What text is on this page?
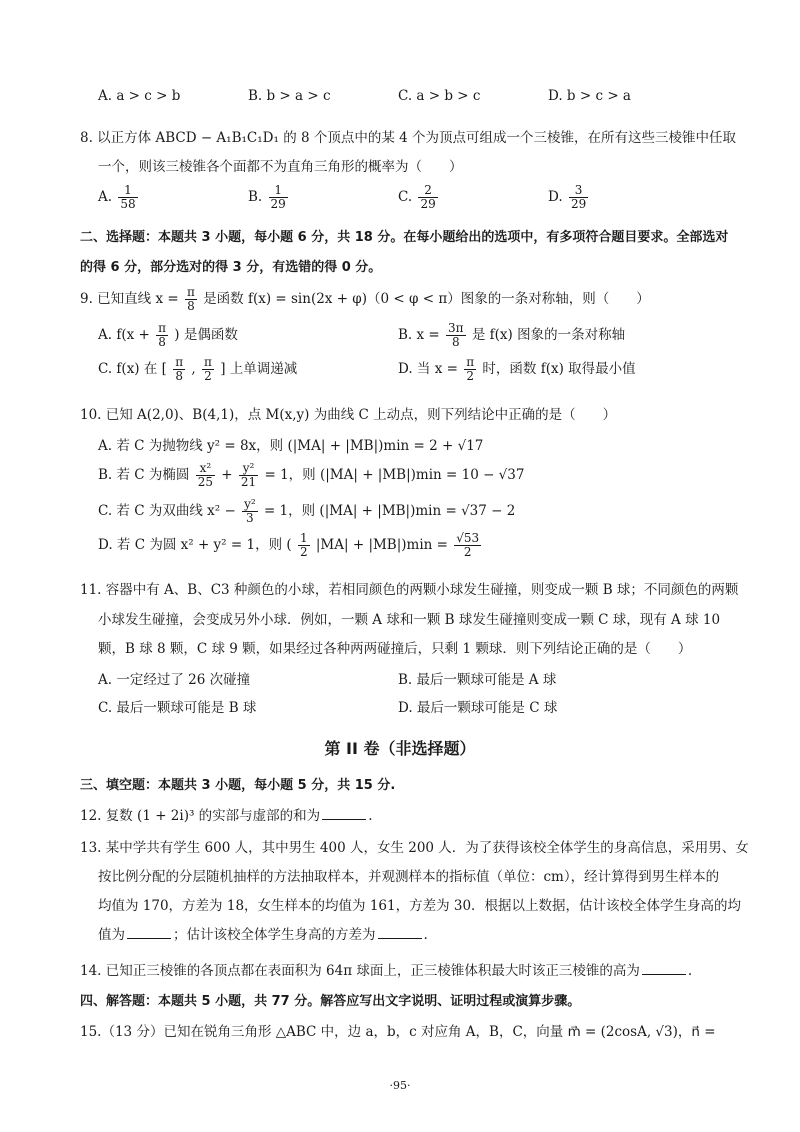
A. a > c > b	B. b > a > c	C. a > b > c	D. b > c > a
8. 以正方体 ABCD − A₁B₁C₁D₁ 的 8 个顶点中的某 4 个为顶点可组成一个三棱锥，在所有这些三棱锥中任取
一个，则该三棱锥各个面都不为直角三角形的概率为（　　）
A. $\frac{1}{58}$	B. $\frac{1}{29}$	C. $\frac{2}{29}$	D. $\frac{3}{29}$
二、选择题：本题共 3 小题，每小题 6 分，共 18 分。在每小题给出的选项中，有多项符合题目要求。全部选对
的得 6 分，部分选对的得 3 分，有选错的得 0 分。
9. 已知直线 $x = \frac{\pi}{8}$ 是函数 f(x) = sin(2x + φ)（0 < φ < π）图象的一条对称轴，则（　　）
A. $f(x + \frac{\pi}{8}$ ) 是偶函数	B. $x = \frac{3\pi}{8}$ 是 f(x) 图象的一条对称轴
C. f(x) 在 [ $\frac{\pi}{8}$ , $\frac{\pi}{2}$ ] 上单调递减	D. 当 $x = \frac{\pi}{2}$ 时，函数 f(x) 取得最小值
10. 已知 A(2,0)、B(4,1)，点 M(x,y) 为曲线 C 上动点，则下列结论中正确的是（　　）
A. 若 C 为抛物线 y² = 8x，则 (|MA| + |MB|)min = 2 + √17
B. 若 C 为椭圆 $\frac{\text{x²}}{25} + \frac{\text{y²}}{21} = 1$，则 (|MA| + |MB|)min = 10 − √37
C. 若 C 为双曲线 $x^2 - \frac{\text{y²}}{3} = 1$，则 (|MA| + |MB|)min = √37 − 2
D. 若 C 为圆 x² + y² = 1，则 ( $\frac{1}{2} |MA| + |MB|)\min = \frac{√53}{2}$
11. 容器中有 A、B、C3 种颜色的小球，若相同颜色的两颗小球发生碰撞，则变成一颗 B 球；不同颜色的两颗
小球发生碰撞，会变成另外小球．例如，一颗 A 球和一颗 B 球发生碰撞则变成一颗 C 球，现有 A 球 10
颗，B 球 8 颗，C 球 9 颗，如果经过各种两两碰撞后，只剩 1 颗球．则下列结论正确的是（　　）
A. 一定经过了 26 次碰撞	B. 最后一颗球可能是 A 球
C. 最后一颗球可能是 B 球	D. 最后一颗球可能是 C 球
第 II 卷（非选择题）
三、填空题：本题共 3 小题，每小题 5 分，共 15 分.
12. 复数 (1 + 2i)³ 的实部与虚部的和为	.
13. 某中学共有学生 600 人，其中男生 400 人，女生 200 人．为了获得该校全体学生的身高信息，采用男、女
按比例分配的分层随机抽样的方法抽取样本，并观测样本的指标值（单位：cm），经计算得到男生样本的
均值为 170，方差为 18，女生样本的均值为 161，方差为 30．根据以上数据，估计该校全体学生身高的均
值为	；估计该校全体学生身高的方差为	.
14. 已知正三棱锥的各顶点都在表面积为 64π 球面上，正三棱锥体积最大时该正三棱锥的高为	.
四、解答题：本题共 5 小题，共 77 分。解答应写出文字说明、证明过程或演算步骤。
15.（13 分）已知在锐角三角形 △ABC 中，边 a，b，c 对应角 A，B，C，向量 m⃗ = (2cosA, √3)，n⃗ =
·95·
